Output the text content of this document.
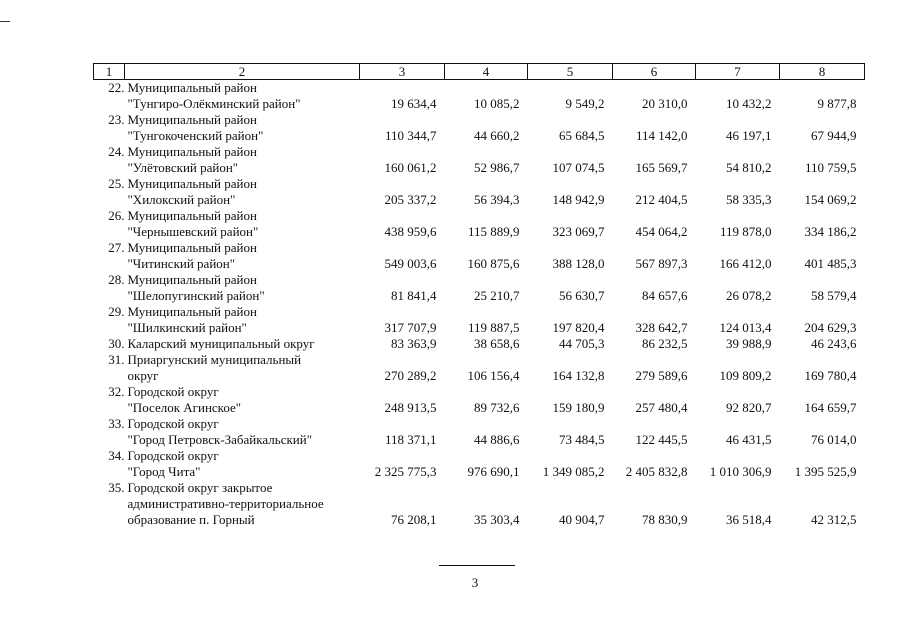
1	2	3	4	5	6	7	8
22.	Муниципальный район
"Тунгиро-Олёкминский район"	19 634,4	10 085,2	9 549,2	20 310,0	10 432,2	9 877,8
23.	Муниципальный район
"Тунгокоченский район"	110 344,7	44 660,2	65 684,5	114 142,0	46 197,1	67 944,9
24.	Муниципальный район
"Улётовский район"	160 061,2	52 986,7	107 074,5	165 569,7	54 810,2	110 759,5
25.	Муниципальный район
"Хилокский район"	205 337,2	56 394,3	148 942,9	212 404,5	58 335,3	154 069,2
26.	Муниципальный район
"Чернышевский район"	438 959,6	115 889,9	323 069,7	454 064,2	119 878,0	334 186,2
27.	Муниципальный район
"Читинский район"	549 003,6	160 875,6	388 128,0	567 897,3	166 412,0	401 485,3
28.	Муниципальный район
"Шелопугинский район"	81 841,4	25 210,7	56 630,7	84 657,6	26 078,2	58 579,4
29.	Муниципальный район
"Шилкинский район"	317 707,9	119 887,5	197 820,4	328 642,7	124 013,4	204 629,3
30.	Каларский муниципальный округ	83 363,9	38 658,6	44 705,3	86 232,5	39 988,9	46 243,6
31.	Приаргунский муниципальный
округ	270 289,2	106 156,4	164 132,8	279 589,6	109 809,2	169 780,4
32.	Городской округ
"Поселок Агинское"	248 913,5	89 732,6	159 180,9	257 480,4	92 820,7	164 659,7
33.	Городской округ
"Город Петровск-Забайкальский"	118 371,1	44 886,6	73 484,5	122 445,5	46 431,5	76 014,0
34.	Городской округ
"Город Чита"	2 325 775,3	976 690,1	1 349 085,2	2 405 832,8	1 010 306,9	1 395 525,9
35.	Городской округ закрытое
административно-территориальное
образование п. Горный	76 208,1	35 303,4	40 904,7	78 830,9	36 518,4	42 312,5
3
